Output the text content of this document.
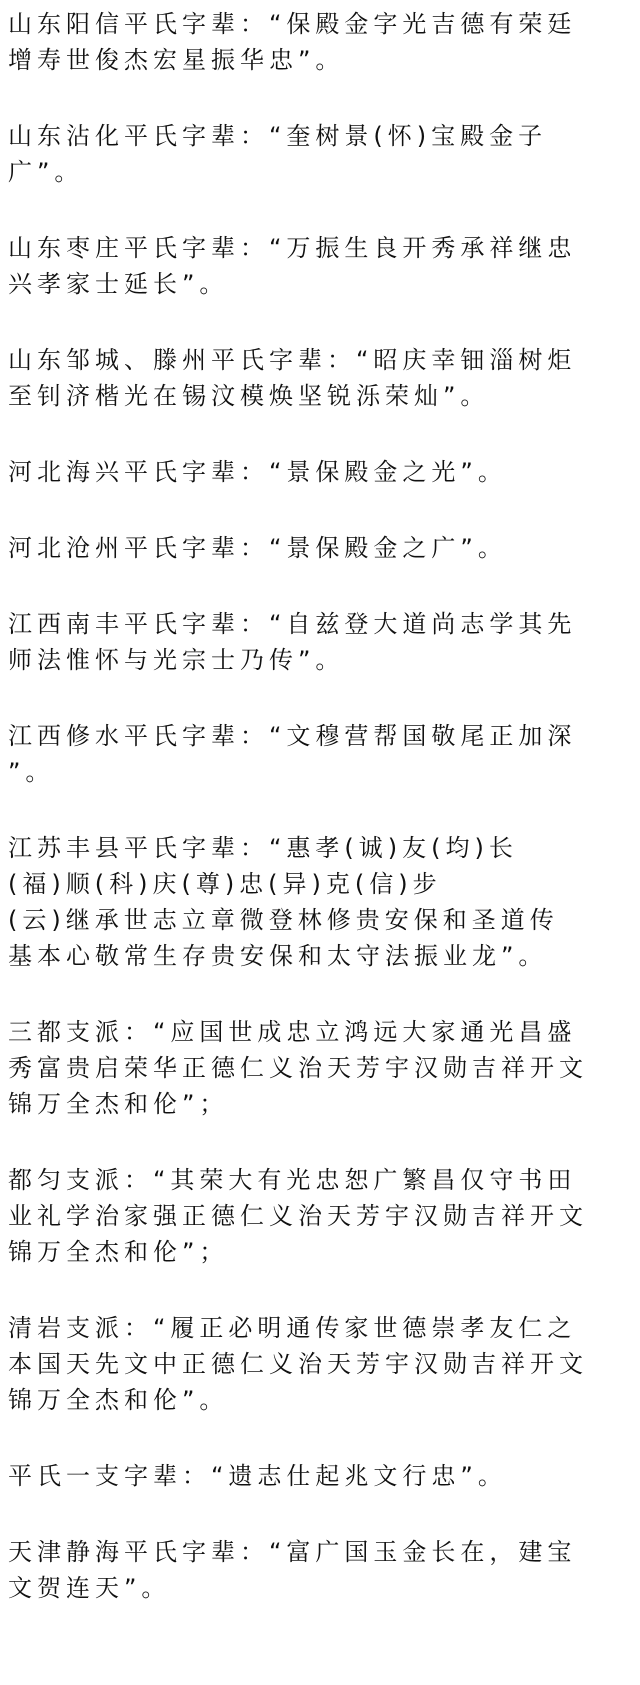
山东阳信平氏字辈：“保殿金字光吉德有荣廷
增寿世俊杰宏星振华忠”。
山东沾化平氏字辈：“奎树景(怀)宝殿金子
广”。
山东枣庄平氏字辈：“万振生良开秀承祥继忠
兴孝家士延长”。
山东邹城、滕州平氏字辈：“昭庆幸钿淄树炬
至钊济楷光在锡汶模焕坚锐泺荣灿”。
河北海兴平氏字辈：“景保殿金之光”。
河北沧州平氏字辈：“景保殿金之广”。
江西南丰平氏字辈：“自兹登大道尚志学其先
师法惟怀与光宗士乃传”。
江西修水平氏字辈：“文穆营帮国敬尾正加深
”。
江苏丰县平氏字辈：“惠孝(诚)友(均)长
(福)顺(科)庆(尊)忠(异)克(信)步
(云)继承世志立章微登林修贵安保和圣道传
基本心敬常生存贵安保和太守法振业龙”。
三都支派：“应国世成忠立鸿远大家通光昌盛
秀富贵启荣华正德仁义治天芳宇汉勋吉祥开文
锦万全杰和伦”；
都匀支派：“其荣大有光忠恕广繁昌仅守书田
业礼学治家强正德仁义治天芳宇汉勋吉祥开文
锦万全杰和伦”；
清岩支派：“履正必明通传家世德崇孝友仁之
本国天先文中正德仁义治天芳宇汉勋吉祥开文
锦万全杰和伦”。
平氏一支字辈：“遗志仕起兆文行忠”。
天津静海平氏字辈：“富广国玉金长在，建宝
文贺连天”。
